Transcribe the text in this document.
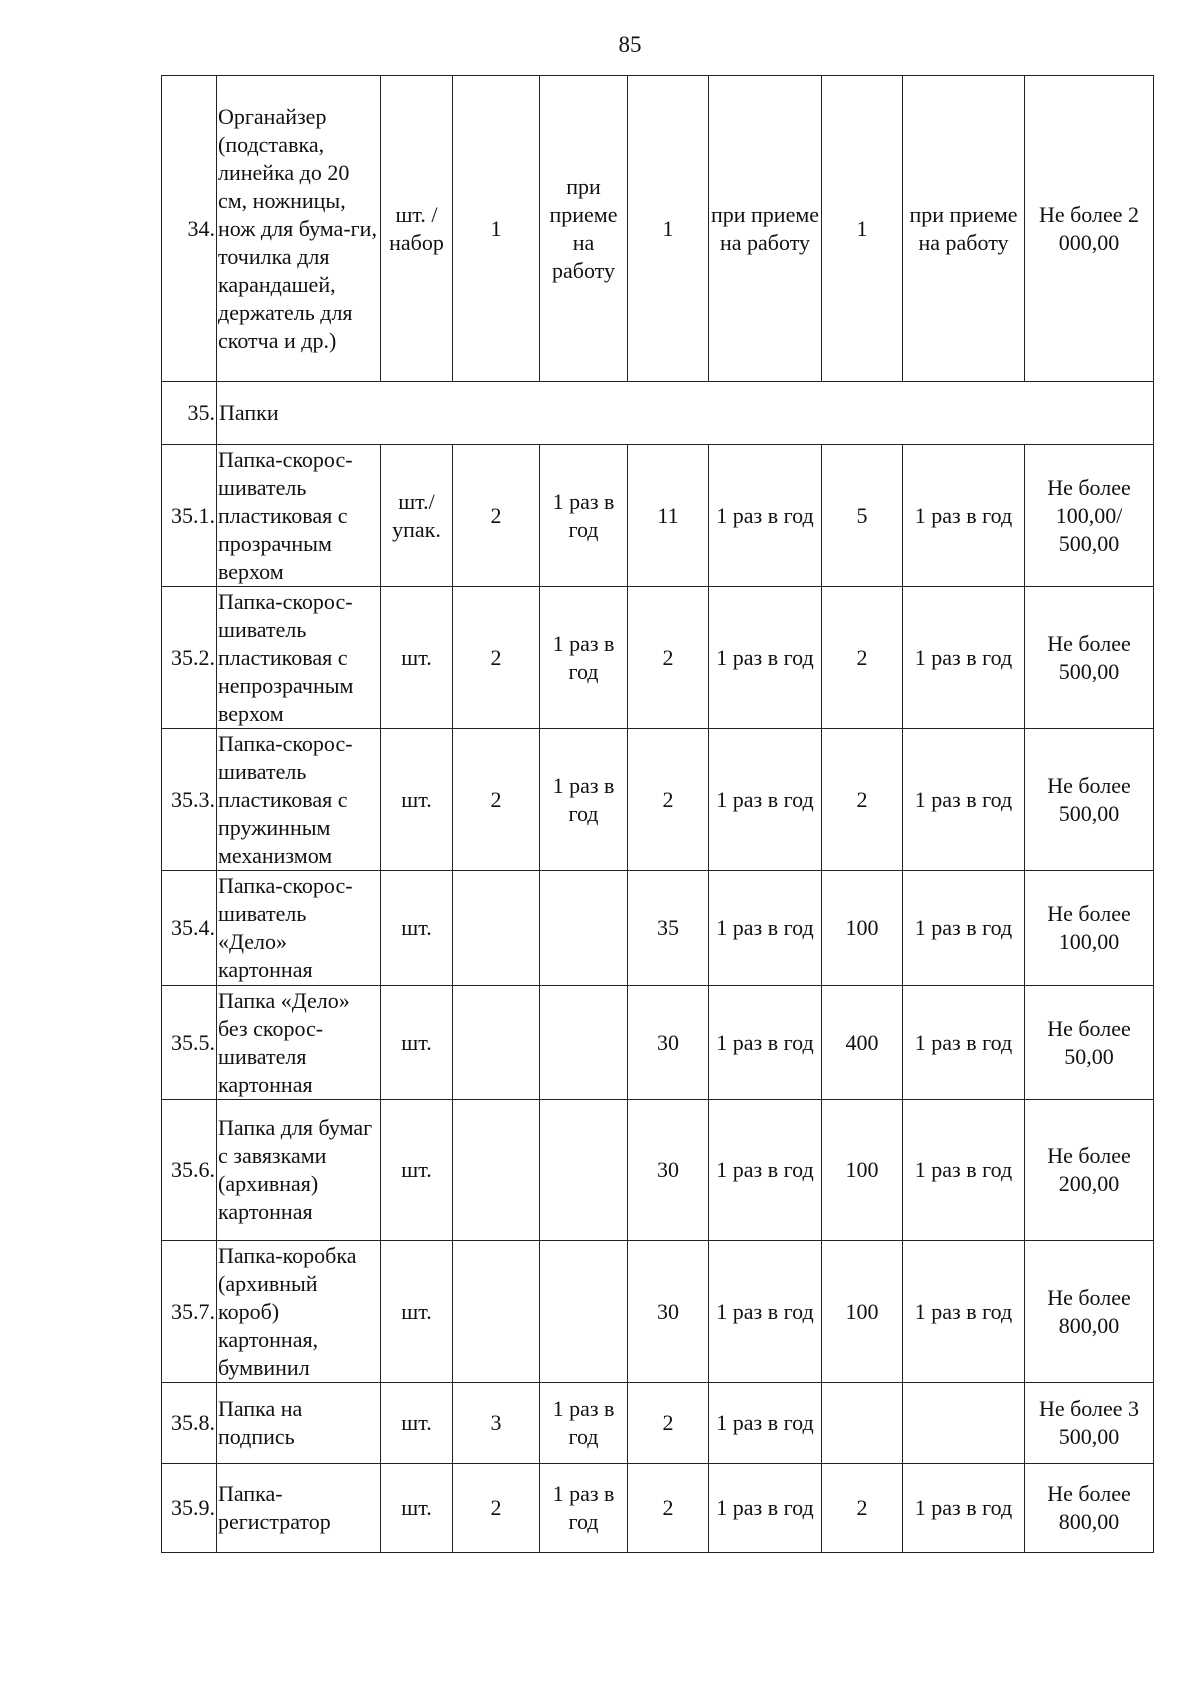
85
34.	Органайзер (подставка, линейка до 20 см, ножницы, нож для бума-ги, точилка для карандашей, держатель для скотча и др.)	шт. / набор	1	при приеме на работу	1	при приеме на работу	1	при приеме на работу	Не более 2 000,00
35.	Папки								
35.1.	Папка-скорос-шиватель пластиковая с прозрачным верхом	шт./ упак.	2	1 раз в год	11	1 раз в год	5	1 раз в год	Не более 100,00/ 500,00
35.2.	Папка-скорос-шиватель пластиковая с непрозрачным верхом	шт.	2	1 раз в год	2	1 раз в год	2	1 раз в год	Не более 500,00
35.3.	Папка-скорос-шиватель пластиковая с пружинным механизмом	шт.	2	1 раз в год	2	1 раз в год	2	1 раз в год	Не более 500,00
35.4.	Папка-скорос-шиватель «Дело» картонная	шт.			35	1 раз в год	100	1 раз в год	Не более 100,00
35.5.	Папка «Дело» без скорос-шивателя картонная	шт.			30	1 раз в год	400	1 раз в год	Не более 50,00
35.6.	Папка для бумаг с завязками (архивная) картонная	шт.			30	1 раз в год	100	1 раз в год	Не более 200,00
35.7.	Папка-коробка (архивный короб) картонная, бумвинил	шт.			30	1 раз в год	100	1 раз в год	Не более 800,00
35.8.	Папка на подпись	шт.	3	1 раз в год	2	1 раз в год			Не более 3 500,00
35.9.	Папка-регистратор	шт.	2	1 раз в год	2	1 раз в год	2	1 раз в год	Не более 800,00
